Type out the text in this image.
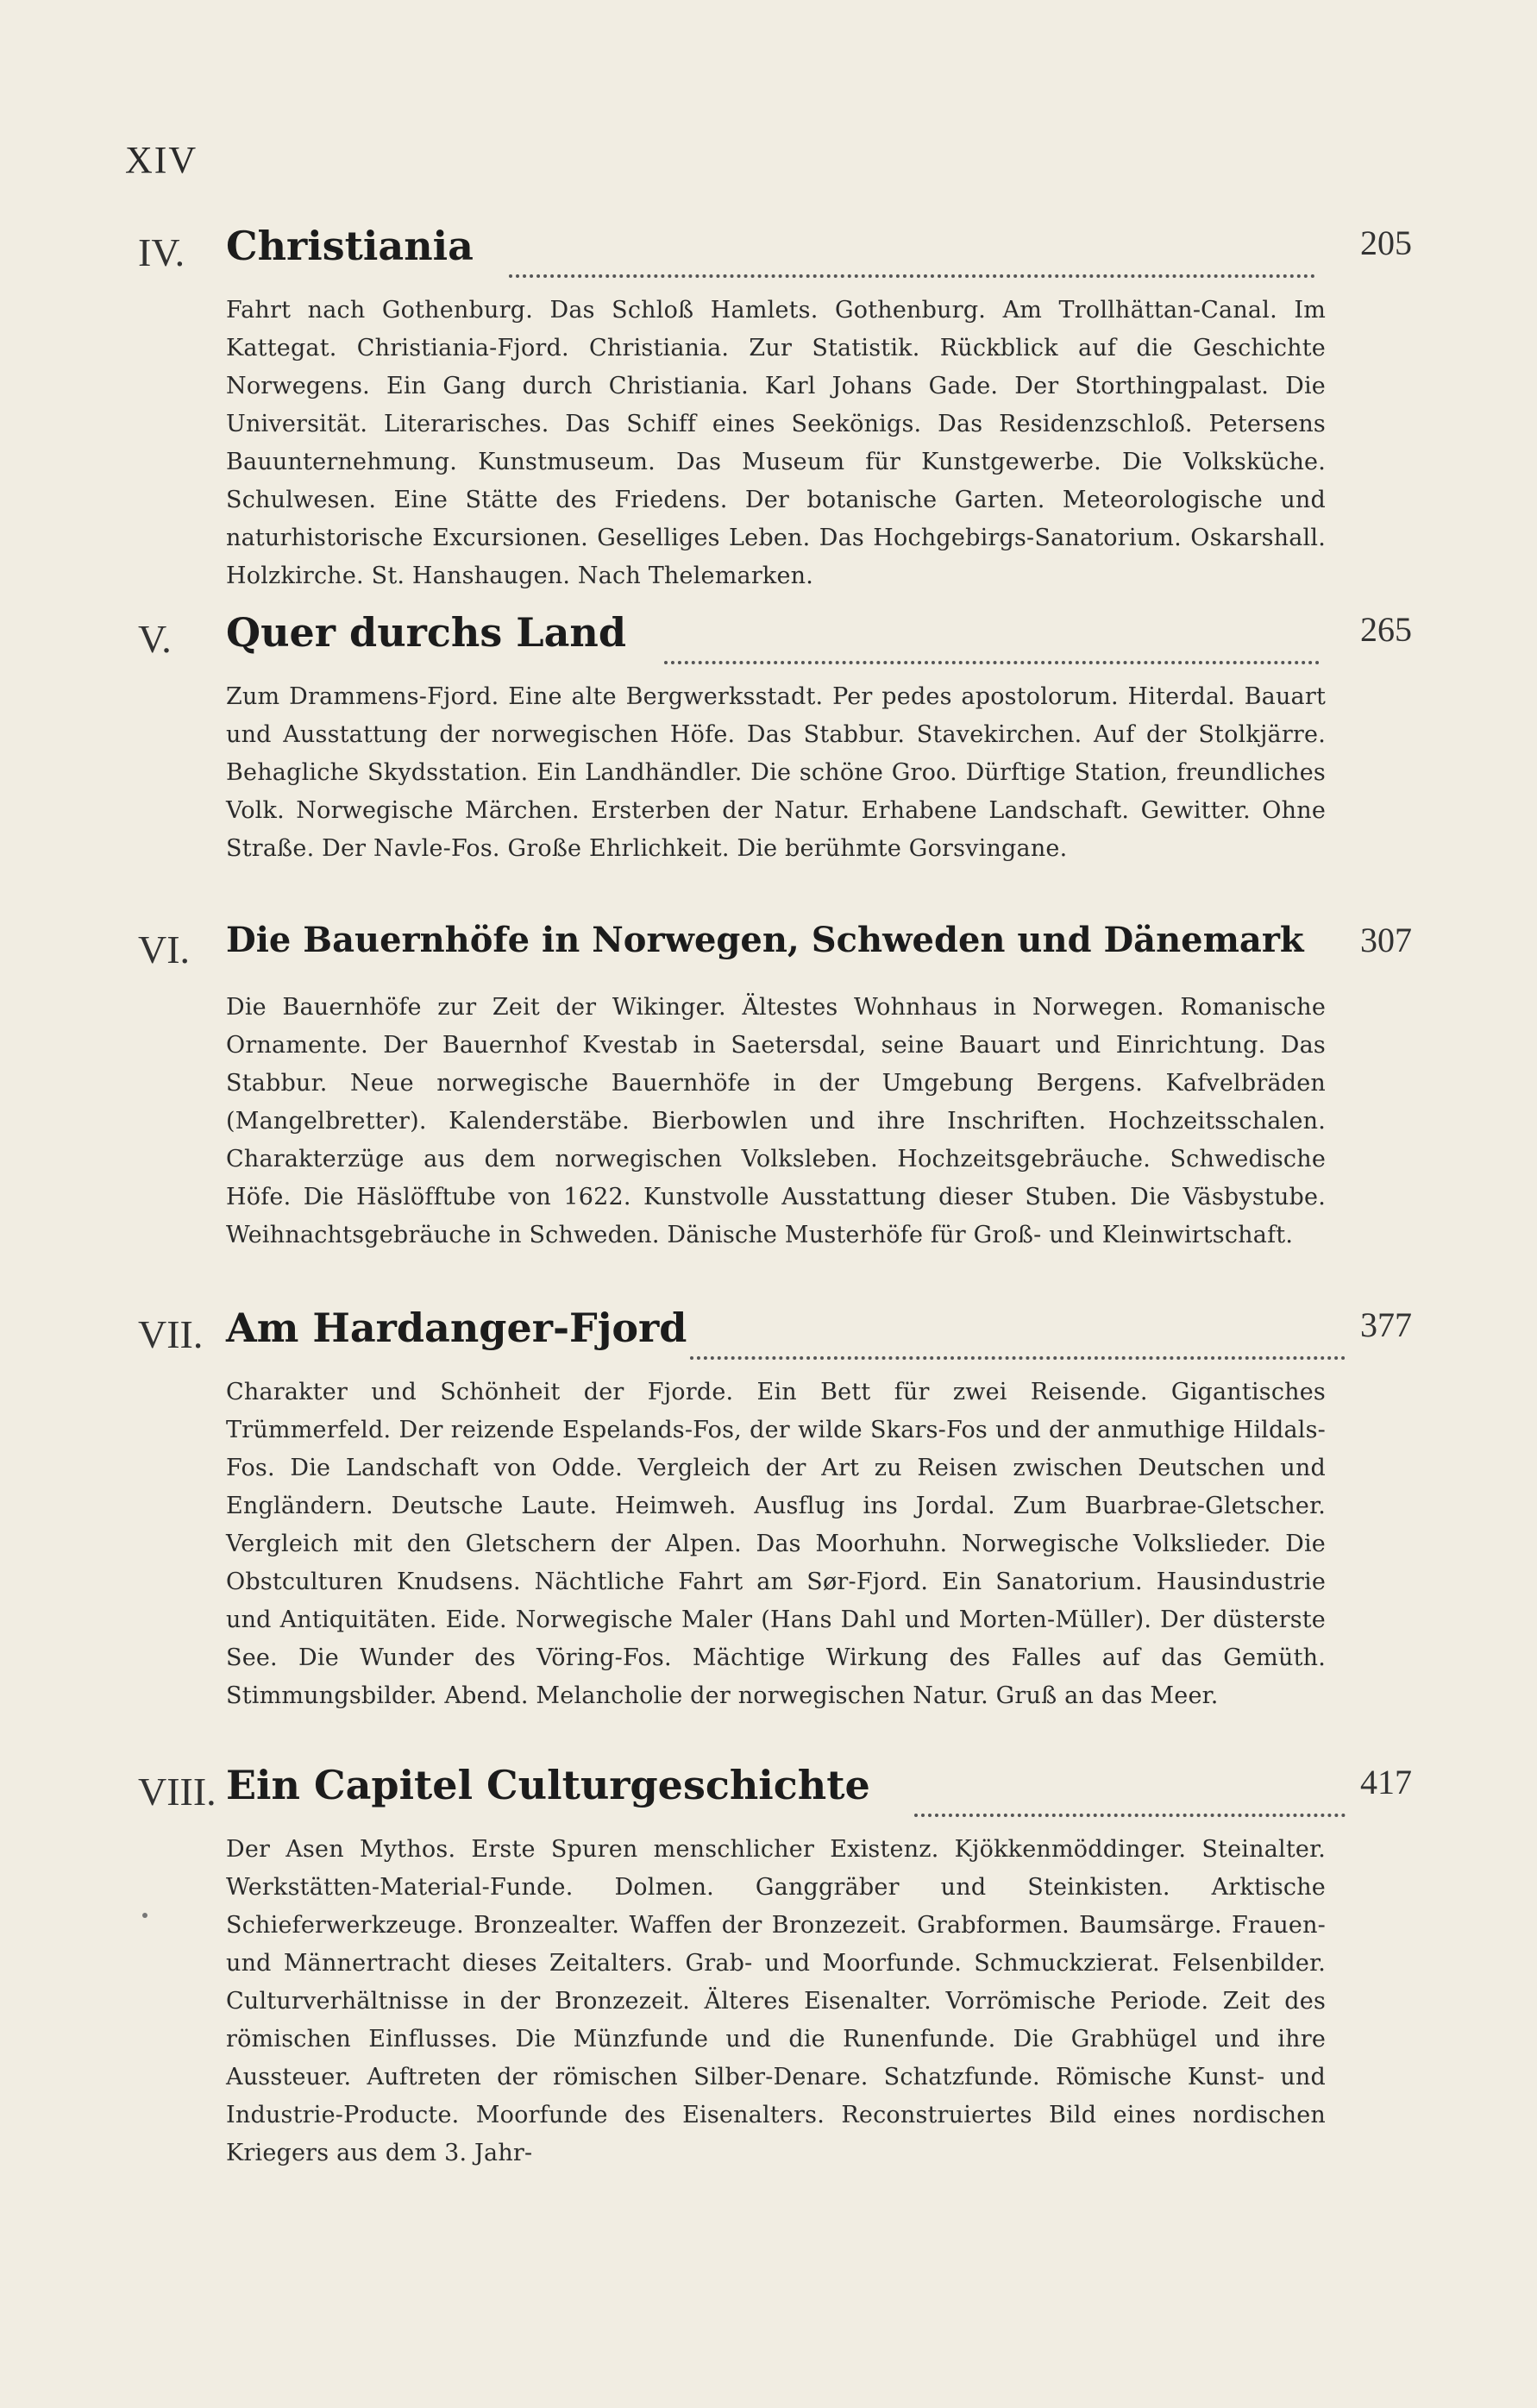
XIV
IV. Christiania	205
Fahrt nach Gothenburg. Das Schloß Hamlets. Gothenburg. Am Trollhättan-Canal. Im Kattegat. Christiania-Fjord. Christiania. Zur Statistik. Rückblick auf die Geschichte Norwegens. Ein Gang durch Christiania. Karl Johans Gade. Der Storthingpalast. Die Universität. Literarisches. Das Schiff eines Seekönigs. Das Residenzschloß. Petersens Bauunternehmung. Kunstmuseum. Das Museum für Kunstgewerbe. Die Volksküche. Schulwesen. Eine Stätte des Friedens. Der botanische Garten. Meteorologische und naturhistorische Excursionen. Geselliges Leben. Das Hochgebirgs-Sanatorium. Oskarshall. Holzkirche. St. Hanshaugen. Nach Thelemarken.
V. Quer durchs Land	265
Zum Drammens-Fjord. Eine alte Bergwerksstadt. Per pedes apostolorum. Hiterdal. Bauart und Ausstattung der norwegischen Höfe. Das Stabbur. Stavekirchen. Auf der Stolkjärre. Behagliche Skydsstation. Ein Landhändler. Die schöne Groo. Dürftige Station, freundliches Volk. Norwegische Märchen. Ersterben der Natur. Erhabene Landschaft. Gewitter. Ohne Straße. Der Navle-Fos. Große Ehrlichkeit. Die berühmte Gorsvingane.
VI. Die Bauernhöfe in Norwegen, Schweden und Dänemark 307
Die Bauernhöfe zur Zeit der Wikinger. Ältestes Wohnhaus in Norwegen. Romanische Ornamente. Der Bauernhof Kvestab in Saetersdal, seine Bauart und Einrichtung. Das Stabbur. Neue norwegische Bauernhöfe in der Umgebung Bergens. Kafvelbräden (Mangelbretter). Kalenderstäbe. Bierbowlen und ihre Inschriften. Hochzeitsschalen. Charakterzüge aus dem norwegischen Volksleben. Hochzeitsgebräuche. Schwedische Höfe. Die Häslöfftube von 1622. Kunstvolle Ausstattung dieser Stuben. Die Väsbystube. Weihnachtsgebräuche in Schweden. Dänische Musterhöfe für Groß- und Kleinwirtschaft.
VII. Am Hardanger-Fjord	377
Charakter und Schönheit der Fjorde. Ein Bett für zwei Reisende. Gigantisches Trümmerfeld. Der reizende Espelands-Fos, der wilde Skars-Fos und der anmuthige Hildals-Fos. Die Landschaft von Odde. Vergleich der Art zu Reisen zwischen Deutschen und Engländern. Deutsche Laute. Heimweh. Ausflug ins Jordal. Zum Buarbrae-Gletscher. Vergleich mit den Gletschern der Alpen. Das Moorhuhn. Norwegische Volkslieder. Die Obstculturen Knudsens. Nächtliche Fahrt am Sør-Fjord. Ein Sanatorium. Hausindustrie und Antiquitäten. Eide. Norwegische Maler (Hans Dahl und Morten-Müller). Der düsterste See. Die Wunder des Vöring-Fos. Mächtige Wirkung des Falles auf das Gemüth. Stimmungsbilder. Abend. Melancholie der norwegischen Natur. Gruß an das Meer.
VIII. Ein Capitel Culturgeschichte	417
Der Asen Mythos. Erste Spuren menschlicher Existenz. Kjökkenmöddinger. Steinalter. Werkstätten-Material-Funde. Dolmen. Ganggräber und Steinkisten. Arktische Schieferwerkzeuge. Bronzealter. Waffen der Bronzezeit. Grabformen. Baumsärge. Frauen- und Männertracht dieses Zeitalters. Grab- und Moorfunde. Schmuckzierat. Felsenbilder. Culturverhältnisse in der Bronzezeit. Älteres Eisenalter. Vorrömische Periode. Zeit des römischen Einflusses. Die Münzfunde und die Runenfunde. Die Grabhügel und ihre Aussteuer. Auftreten der römischen Silber-Denare. Schatzfunde. Römische Kunst- und Industrie-Producte. Moorfunde des Eisenalters. Reconstruiertes Bild eines nordischen Kriegers aus dem 3. Jahr-
